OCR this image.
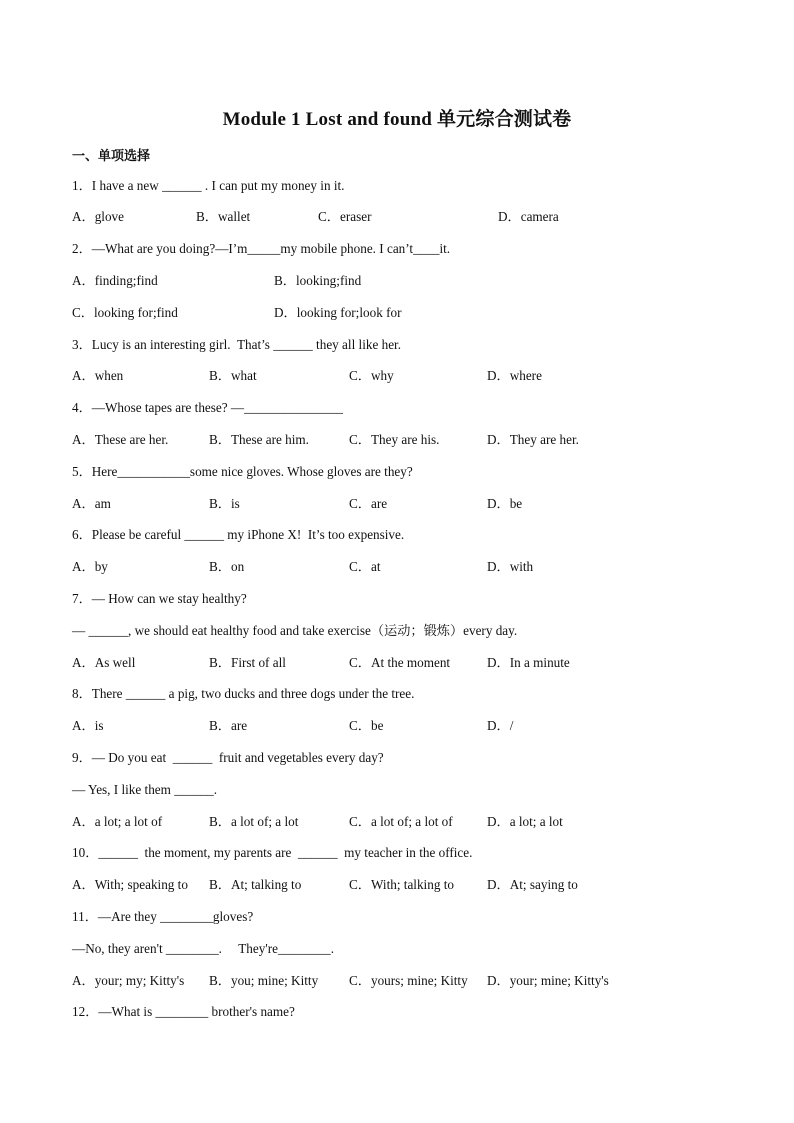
Module 1 Lost and found 单元综合测试卷
一、单项选择
1．I have a new ______ . I can put my money in it.
A．glove	B．wallet	C．eraser	D．camera
2．—What are you doing?—I’m_____my mobile phone. I can’t____it.
A．finding;find	B．looking;find
C．looking for;find	D．looking for;look for
3．Lucy is an interesting girl.  That’s ______ they all like her.
A．when	B．what	C．why	D．where
4．—Whose tapes are these? —_______________
A．These are her.	B．These are him.	C．They are his.	D．They are her.
5．Here___________some nice gloves. Whose gloves are they?
A．am	B．is	C．are	D．be
6．Please be careful ______ my iPhone X!  It’s too expensive.
A．by	B．on	C．at	D．with
7．— How can we stay healthy?
— ______, we should eat healthy food and take exercise（运动；锻炼）every day.
A．As well	B．First of all	C．At the moment	D．In a minute
8．There ______ a pig, two ducks and three dogs under the tree.
A．is	B．are	C．be	D．/
9．— Do you eat  ______  fruit and vegetables every day?
— Yes, I like them ______.
A．a lot; a lot of	B．a lot of; a lot	C．a lot of; a lot of	D．a lot; a lot
10．______  the moment, my parents are  ______  my teacher in the office.
A．With; speaking to B．At; talking to	C．With; talking to	D．At; saying to
11．—Are they ________gloves?
—No, they aren't ________.     They're________.
A．your; my; Kitty's B．you; mine; Kitty C．yours; mine; Kitty D．your; mine; Kitty's
12．—What is ________ brother's name?
